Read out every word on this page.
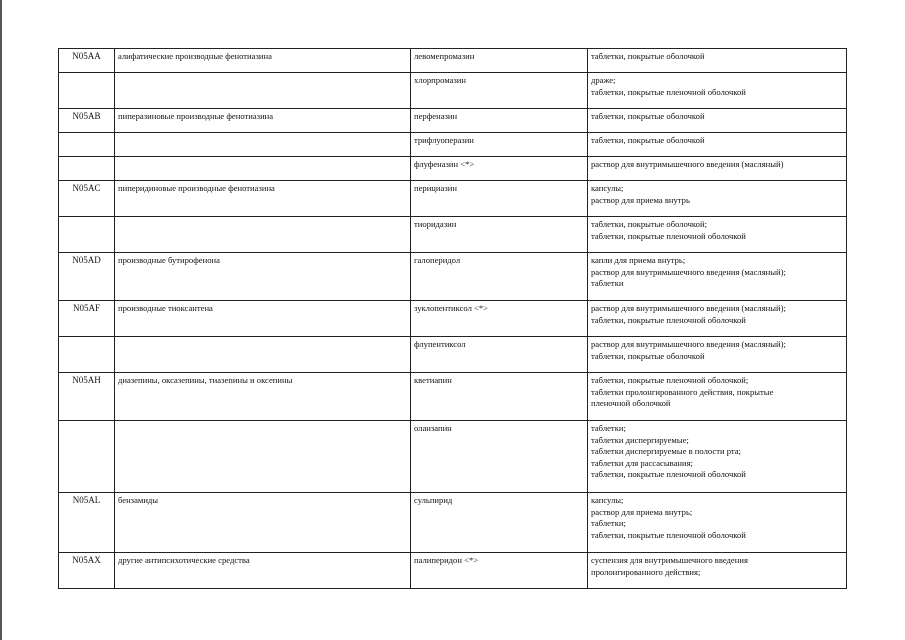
N05AA	алифатические производные фенотиазина	левомепромазин	таблетки, покрытые оболочкой

		хлорпромазин	драже;
таблетки, покрытые пленочной оболочкой

N05AB	пиперазиновые производные фенотиазина	перфеназин	таблетки, покрытые оболочкой

		трифлуоперазин	таблетки, покрытые оболочкой

		флуфеназин <*>	раствор для внутримышечного введения (масляный)

N05AC	пиперидиновые производные фенотиазина	перициазин	капсулы;
раствор для приема внутрь

		тиоридазин	таблетки, покрытые оболочкой;
таблетки, покрытые пленочной оболочкой

N05AD	производные бутирофенона	галоперидол	капли для приема внутрь;
раствор для внутримышечного введения (масляный);
таблетки

N05AF	производные тиоксантена	зуклопентиксол <*>	раствор для внутримышечного введения (масляный);
таблетки, покрытые пленочной оболочкой

		флупентиксол	раствор для внутримышечного введения (масляный);
таблетки, покрытые оболочкой

N05AH	диазепины, оксазепины, тиазепины и оксепины	кветиапин	таблетки, покрытые пленочной оболочкой;
таблетки пролонгированного действия, покрытые
пленочной оболочкой

		оланзапин	таблетки;
таблетки диспергируемые;
таблетки диспергируемые в полости рта;
таблетки для рассасывания;
таблетки, покрытые пленочной оболочкой

N05AL	бензамиды	сульпирид	капсулы;
раствор для приема внутрь;
таблетки;
таблетки, покрытые пленочной оболочкой

N05AX	другие антипсихотические средства	палиперидон <*>	суспензия для внутримышечного введения
пролонгированного действия;
